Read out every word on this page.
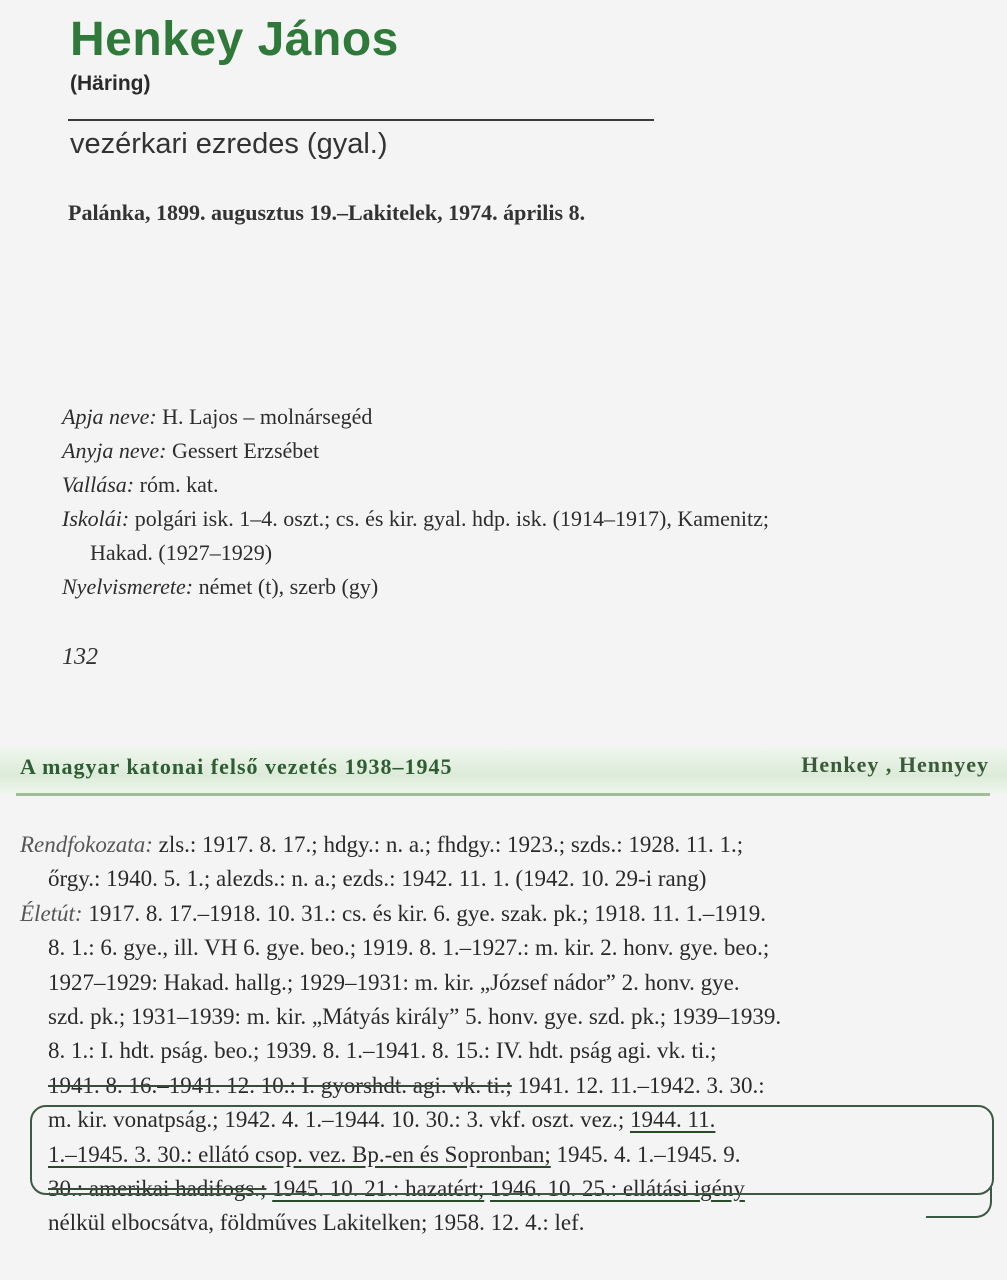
Henkey János
(Häring)
vezérkari ezredes (gyal.)
Palánka, 1899. augusztus 19.–Lakitelek, 1974. április 8.
Apja neve: H. Lajos – molnársegéd
Anyja neve: Gessert Erzsébet
Vallása: róm. kat.
Iskolái: polgári isk. 1–4. oszt.; cs. és kir. gyal. hdp. isk. (1914–1917), Kamenitz;
Hakad. (1927–1929)
Nyelvismerete: német (t), szerb (gy)
132
A magyar katonai felső vezetés 1938–1945	Henkey , Hennyey
Rendfokozata: zls.: 1917. 8. 17.; hdgy.: n. a.; fhdgy.: 1923.; szds.: 1928. 11. 1.;
őrgy.: 1940. 5. 1.; alezds.: n. a.; ezds.: 1942. 11. 1. (1942. 10. 29-i rang)
Életút: 1917. 8. 17.–1918. 10. 31.: cs. és kir. 6. gye. szak. pk.; 1918. 11. 1.–1919.
8. 1.: 6. gye., ill. VH 6. gye. beo.; 1919. 8. 1.–1927.: m. kir. 2. honv. gye. beo.;
1927–1929: Hakad. hallg.; 1929–1931: m. kir. „József nádor” 2. honv. gye.
szd. pk.; 1931–1939: m. kir. „Mátyás király” 5. honv. gye. szd. pk.; 1939–1939.
8. 1.: I. hdt. pság. beo.; 1939. 8. 1.–1941. 8. 15.: IV. hdt. pság agi. vk. ti.;
1941. 8. 16.–1941. 12. 10.: I. gyorshdt. agi. vk. ti.; 1941. 12. 11.–1942. 3. 30.:
m. kir. vonatpság.; 1942. 4. 1.–1944. 10. 30.: 3. vkf. oszt. vez.; 1944. 11.
1.–1945. 3. 30.: ellátó csop. vez. Bp.-en és Sopronban; 1945. 4. 1.–1945. 9.
30.: amerikai hadifogs.; 1945. 10. 21.: hazatért; 1946. 10. 25.: ellátási igény
nélkül elbocsátva, földműves Lakitelken; 1958. 12. 4.: lef.
